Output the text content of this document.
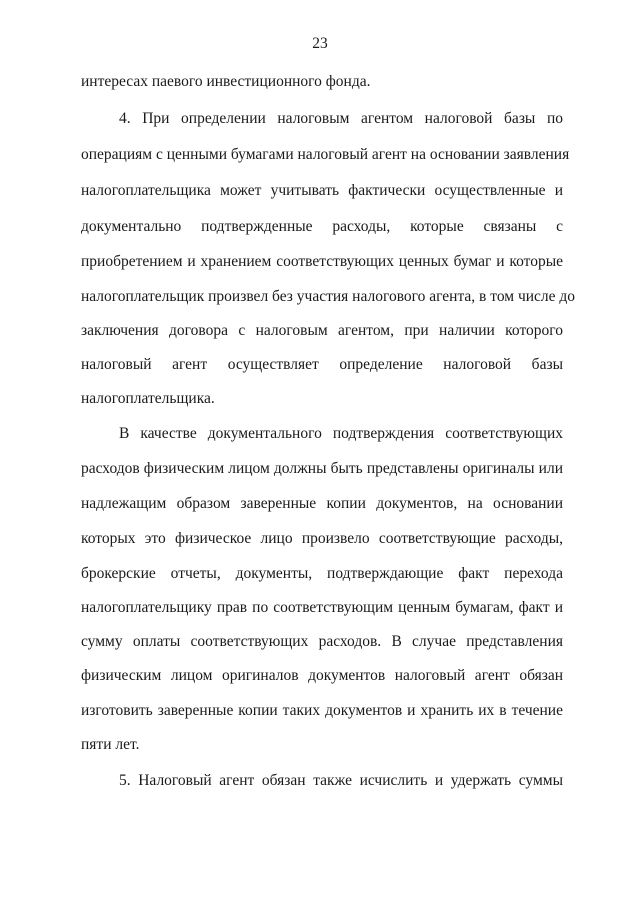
23
интересах паевого инвестиционного фонда.
4. При определении налоговым агентом налоговой базы по
операциям с ценными бумагами налоговый агент на основании заявления
налогоплательщика может учитывать фактически осуществленные и
документально подтвержденные расходы, которые связаны с
приобретением и хранением соответствующих ценных бумаг и которые
налогоплательщик произвел без участия налогового агента, в том числе до
заключения договора с налоговым агентом, при наличии которого
налоговый агент осуществляет определение налоговой базы
налогоплательщика.
В качестве документального подтверждения соответствующих
расходов физическим лицом должны быть представлены оригиналы или
надлежащим образом заверенные копии документов, на основании
которых это физическое лицо произвело соответствующие расходы,
брокерские отчеты, документы, подтверждающие факт перехода
налогоплательщику прав по соответствующим ценным бумагам, факт и
сумму оплаты соответствующих расходов. В случае представления
физическим лицом оригиналов документов налоговый агент обязан
изготовить заверенные копии таких документов и хранить их в течение
пяти лет.
5. Налоговый агент обязан также исчислить и удержать суммы
